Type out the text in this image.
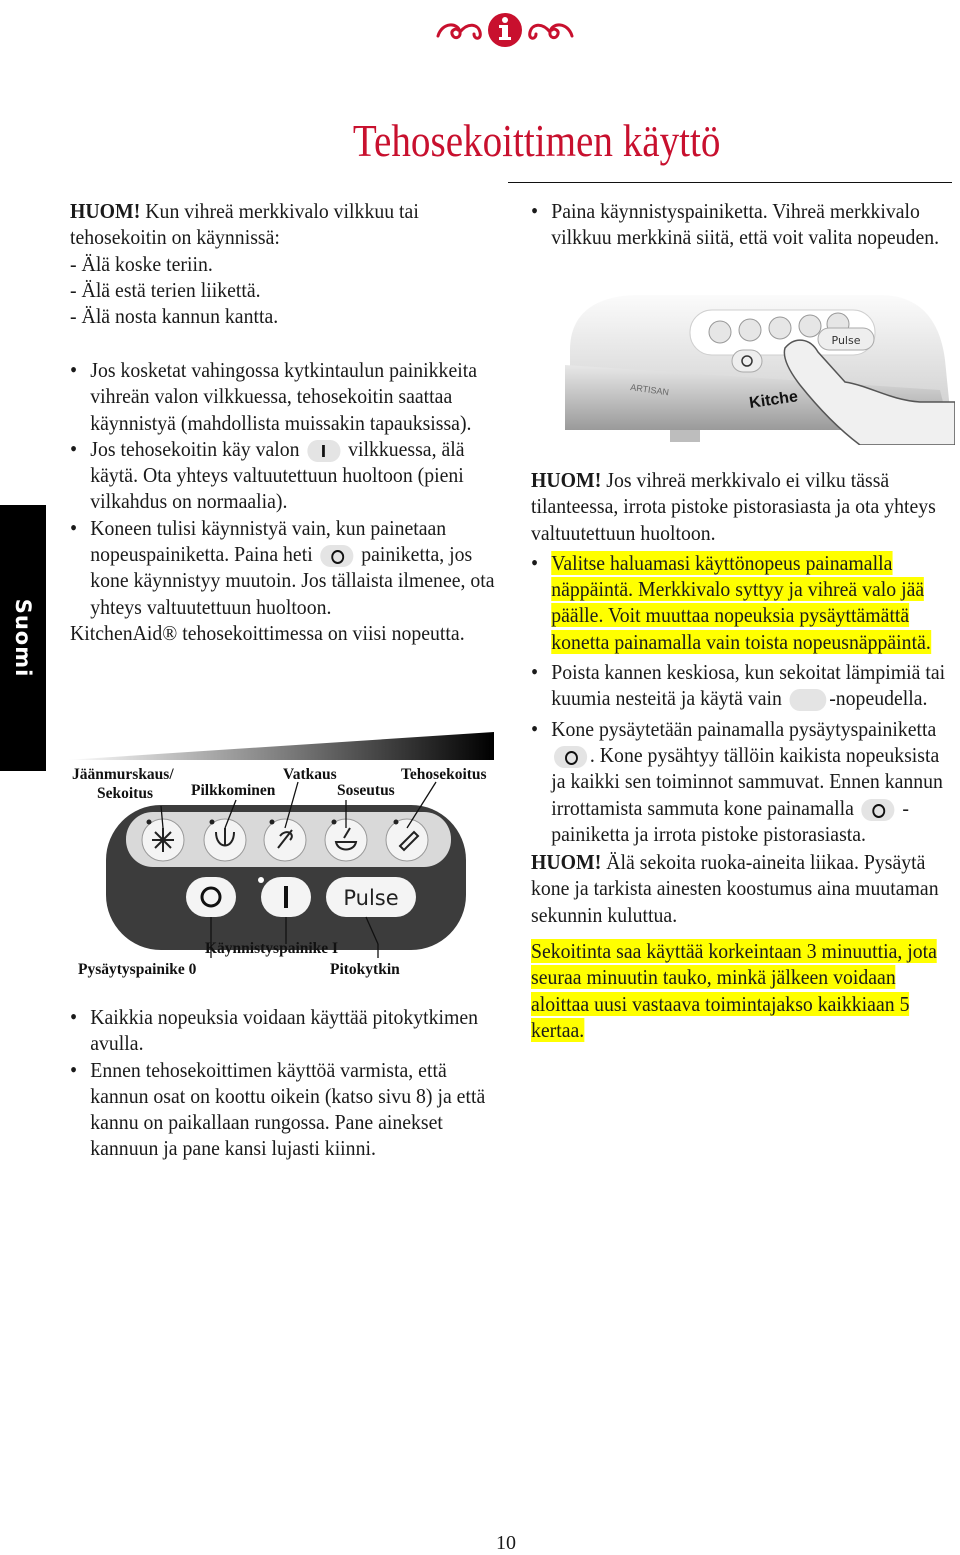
Tehosekoittimen käyttö
Suomi

HUOM! Kun vihreä merkkivalo vilkkuu tai tehosekoitin on käynnissä:

- Älä koske teriin.

- Älä estä terien liikettä.

- Älä nosta kannun kantta.

• Jos kosketat vahingossa kytkintaulun painikkeita vihreän valon vilkkuessa, tehosekoitin saattaa käynnistyä (mahdollista muissakin tapauksissa).
• Jos tehosekoitin käy valon vilkkuessa, älä käytä. Ota yhteys valtuutettuun huoltoon (pieni vilkahdus on normaalia).
• Koneen tulisi käynnistyä vain, kun painetaan nopeuspainiketta. Paina heti painiketta, jos kone käynnistyy muutoin. Jos tällaista ilmenee, ota yhteys valtuutettuun huoltoon.

KitchenAid® tehosekoittimessa on viisi nopeutta.

Pulse
Jäänmurskaus/
Sekoitus Pilkkominen
Vatkaus
Soseutus
Tehosekoitus
Käynnistyspainike I
Pysäytyspainike 0	Pitokytkin
• Kaikkia nopeuksia voidaan käyttää pitokytkimen avulla.
• Ennen tehosekoittimen käyttöä varmista, että kannun osat on koottu oikein (katso sivu 8) ja että kannu on paikallaan rungossa. Pane ainekset kannuun ja pane kansi lujasti kiinni.
• Paina käynnistyspainiketta. Vihreä merkkivalo vilkkuu merkkinä siitä, että voit valita nopeuden.
Pulse
Kitche
ARTISAN

HUOM! Jos vihreä merkkivalo ei vilku tässä tilanteessa, irrota pistoke pistorasiasta ja ota yhteys valtuutettuun huoltoon.

• Valitse haluamasi käyttönopeus painamalla näppäintä. Merkkivalo syttyy ja vihreä valo jää päälle. Voit muuttaa nopeuksia pysäyttämättä konetta painamalla vain toista nopeusnäppäintä.
• Poista kannen keskiosa, kun sekoitat lämpimiä tai kuumia nesteitä ja käytä vain -nopeudella.
• Kone pysäytetään painamalla pysäytyspainiketta . Kone pysähtyy tällöin kaikista nopeuksista ja kaikki sen toiminnot sammuvat. Ennen kannun irrottamista sammuta kone painamalla -painiketta ja irrota pistoke pistorasiasta.

HUOM! Älä sekoita ruoka-aineita liikaa. Pysäytä kone ja tarkista ainesten koostumus aina muutaman sekunnin kuluttua.

Sekoitinta saa käyttää korkeintaan 3 minuuttia, jota seuraa minuutin tauko, minkä jälkeen voidaan aloittaa uusi vastaava toimintajakso kaikkiaan 5 kertaa.

10
